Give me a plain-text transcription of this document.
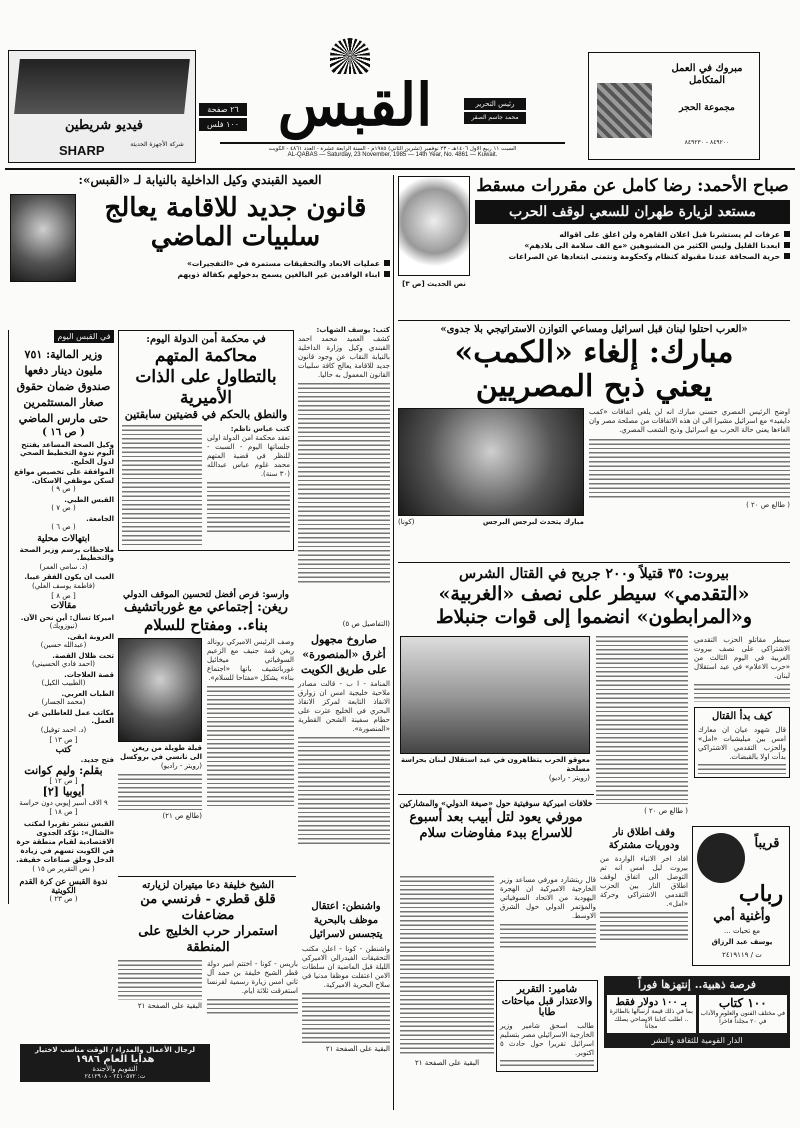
فيديو شريطين
SHARP	شركة الأجهزة الحديثة
٢٦ صفحة
١٠٠ فلس القبس	رئيس التحرير
محمد جاسم الصقر
السبت ١١ ربيع الاول ١٤٠٦هـ - ٢٣ نوفمبر (تشرين الثاني) ١٩٨٥م - السنة الرابعة عشرة - العدد ٤٨٦١ - الكويت
AL-QABAS — Saturday, 23 November, 1985 — 14th Year, No. 4861 — Kuwait.
مبروك في العمل المتكامل
مجموعة الحجر
٨٤٩٢٠٠ - ٨٤٩٢٣٠
العميد القبندي وكيل الداخلية بالنيابة لـ «القبس»:
قانون جديد للاقامة يعالج سلبيات الماضي
عمليات الابعاد والتحقيقات مستمرة في «التفجيرات»
ابناء الوافدين غير البالغين يسمح بدخولهم بكفالة ذويهم
صباح الأحمد: رضا كامل عن مقررات مسقط
مستعد لزيارة طهران للسعي لوقف الحرب
عرفات لم يستشرنا قبل اعلان القاهرة ولن اعلق على اقواله
ابعدنا القليل وليس الكثير من المشبوهين «مع الف سلامة الى بلادهم»
حرية الصحافة عندنا مقبولة كنظام وكحكومة ونتمنى ابتعادها عن الصراعات
نص الحديث [ص ٣]
«العرب احتلوا لبنان قبل اسرائيل ومساعي التوازن الاستراتيجي بلا جدوى»
مبارك: إلغاء «الكمب»
يعني ذبح المصريين

اوضح الرئيس المصري حسني مبارك انه لن يلغي اتفاقات «كمب دايفيد» مع اسرائيل مشيرا الى ان هذه الاتفاقات من مصلحة مصر وان الغاءها يعني حالة الحرب مع اسرائيل وذبح الشعب المصري.

( طالع ص ٢٠ )
مبارك يتحدث لبرجس البرجس
(كونا)
بيروت: ٣٥ قتيلاً و٢٠٠ جريح في القتال الشرس
«التقدمي» سيطر على نصف «الغربية»
و«المرابطون» انضموا إلى قوات جنبلاط
معوقو الحرب يتظاهرون في عيد استقلال لبنان بحراسة مسلحة
(رويتر - راديو)

سيطر مقاتلو الحزب التقدمي الاشتراكي على نصف بيروت الغربية في اليوم الثالث من «حرب الاعلام» في عيد استقلال لبنان.

كيف بدأ القتال

قال شهود عيان ان معارك امس بين ميليشيات «امل» والحزب التقدمي الاشتراكي بدأت اولا بالقبضات.

( طالع ص ٢٠ )
وقف اطلاق نار ودوريات مشتركة

افاد اخر الانباء الواردة من بيروت ليل امس انه تم التوصل الى اتفاق لوقف اطلاق النار بين الحزب التقدمي الاشتراكي وحركة «امل».

قريباً
رباب
وأغنية أمي
مع تحيات ...
يوسف عبد الرزاق
ت / ٢٤١٩١١٩
خلافات اميركية سوفيتية حول «صيغة الدولي» والمشاركين
مورفي يعود لتل أبيب بعد أسبوع
للاسراع ببدء مفاوضات سلام

قال ريتشارد مورفي مساعد وزير الخارجية الاميركية ان الهجرة اليهودية من الاتحاد السوفياتي والمؤتمر الدولي حول الشرق الاوسط.

البقية على الصفحة ٢١
شامير: التقرير والاعتذار قبل مباحثات طابا

طالب اسحق شامير وزير الخارجية الاسرائيلي مصر بتسليم اسرائيل تقريرا حول حادث ٥ اكتوبر.

فرصة ذهبية.. إنتهزها فوراً
١٠٠ كتاب
في مختلف الفنون والعلوم والآداب في ٢٠ مجلداً فاخراً
بـ ١٠٠ دولار فقط
بما في ذلك قيمة ارسالها بالطائرة .. اطلب كتابنا الايضاحي يصلك مجاناً
الدار القومية للثقافة والنشر
في القبس اليوم
وزير المالية: ٧٥١ مليون دينار دفعها صندوق ضمان حقوق صغار المستثمرين حتى مارس الماضي
( ص ١٦ )
وكيل الصحة المساعد يفتتح اليوم ندوة التخطيط الصحي لدول الخليج.
الموافقة على تخصيص مواقع لسكن موظفي الاسكان.
( ص ٩ )
القبس الطبي.
( ص ٧ )
الجامعة.
( ص ٦ )
ابتهالات محلية
ملاحظات برسم وزير الصحة والتخطيط.
(د. سامي العمر)
العيب ان يكون الفقر عيبا.
(فاطمة يوسف العلي)
[ ص ٨ ]
مقالات
اميركا تسأل: أين نحن الآن.
(نيوزويك)
العروبة ابقى.
(عبدالله حسين)
تحت ظلال القصة.
(احمد فادي الحسيني)
قصة العلاجات.
(الطبيب الكيل)
الطباب العربي.
(محمد الجسار)
مكاتب عمل للعاطلين عن العمل.
(د. احمد توفيل)
[ ص ١٣ ]
كتب
فتح جديد.
بقلم: وليم كوانت
[ ص ١٢ ]
أيوبيا [٢]
٩ الاف أسير إيوبي دون حراسة
[ ص ١٨ ]
القبس تنشر تقريرا لمكتب «الشال»: نؤكد الجدوى الاقتصادية لقيام منطقة حرة في الكويت تسهم في زيادة الدخل وخلق صناعات خفيفة.
( نص التقرير ص ١٥ )
ندوة القبس عن كرة القدم الكويتية
( ص ٢٣ )
في محكمة أمن الدولة اليوم:
محاكمة المتهم بالتطاول على الذات الأميرية
والنطق بالحكم في قضيتين سابقتين
كتب عباس ناظم:

تعقد محكمة امن الدولة اولى جلساتها اليوم - السبت - للنظر في قضية المتهم محمد غلوم عباس عبدالله (٣٠ سنة).

كتب: يوسف الشهاب:

كشف العميد محمد احمد القبندي وكيل وزارة الداخلية بالنيابة النقاب عن وجود قانون جديد للاقامة يعالج كافة سلبيات القانون المعمول به حاليا.

وارسو: فرص أفضل لتحسين الموقف الدولي
ريغن: إجتماعي مع غورباتشيف
بناء.. ومفتاح للسلام

وصف الرئيس الاميركي رونالد ريغن قمة جنيف مع الزعيم السوفياتي ميخائيل غورباتشيف بانها «اجتماع بناء» يشكل «مفتاحا للسلام».

قبلة طويلة من ريغن الى نانسي في بروكسل
(رويتر - راديو)
(طالع ص ٢١)
(التفاصيل ص ٥)
صاروخ مجهول أغرق «المنصورة» على طريق الكويت

المنامة - ا ب - قالت مصادر ملاحية خليجية امس ان زوارق الانقاذ التابعة لمركز الانقاذ البحري في الخليج عثرت على حطام سفينة الشحن القطرية «المنصورة».

الشيخ خليفة دعا ميتيران لزيارته
قلق قطري - فرنسي من مضاعفات
استمرار حرب الخليج على المنطقة

باريس - كونا - اختتم امير دولة قطر الشيخ خليفة بن حمد آل ثاني امس زيارة رسمية لفرنسا استغرقت ثلاثة ايام.

البقية على الصفحة ٢١
واشنطن: اعتقال موظف بالبحرية يتجسس لاسرائيل

واشنطن - كونا - اعلن مكتب التحقيقات الفيدرالي الاميركي الليلة قبل الماضية ان سلطات الامن اعتقلت موظفا مدنيا في سلاح البحرية الاميركية.

البقية على الصفحة ٢١
لرجال الأعمال والمدراء / الوقت مناسب لاختيار
هدايا العام ١٩٨٦
التقويم والأجندة
ت: ٢٤١٠٥٧٢ - ٢٤١٢٩٠٨
